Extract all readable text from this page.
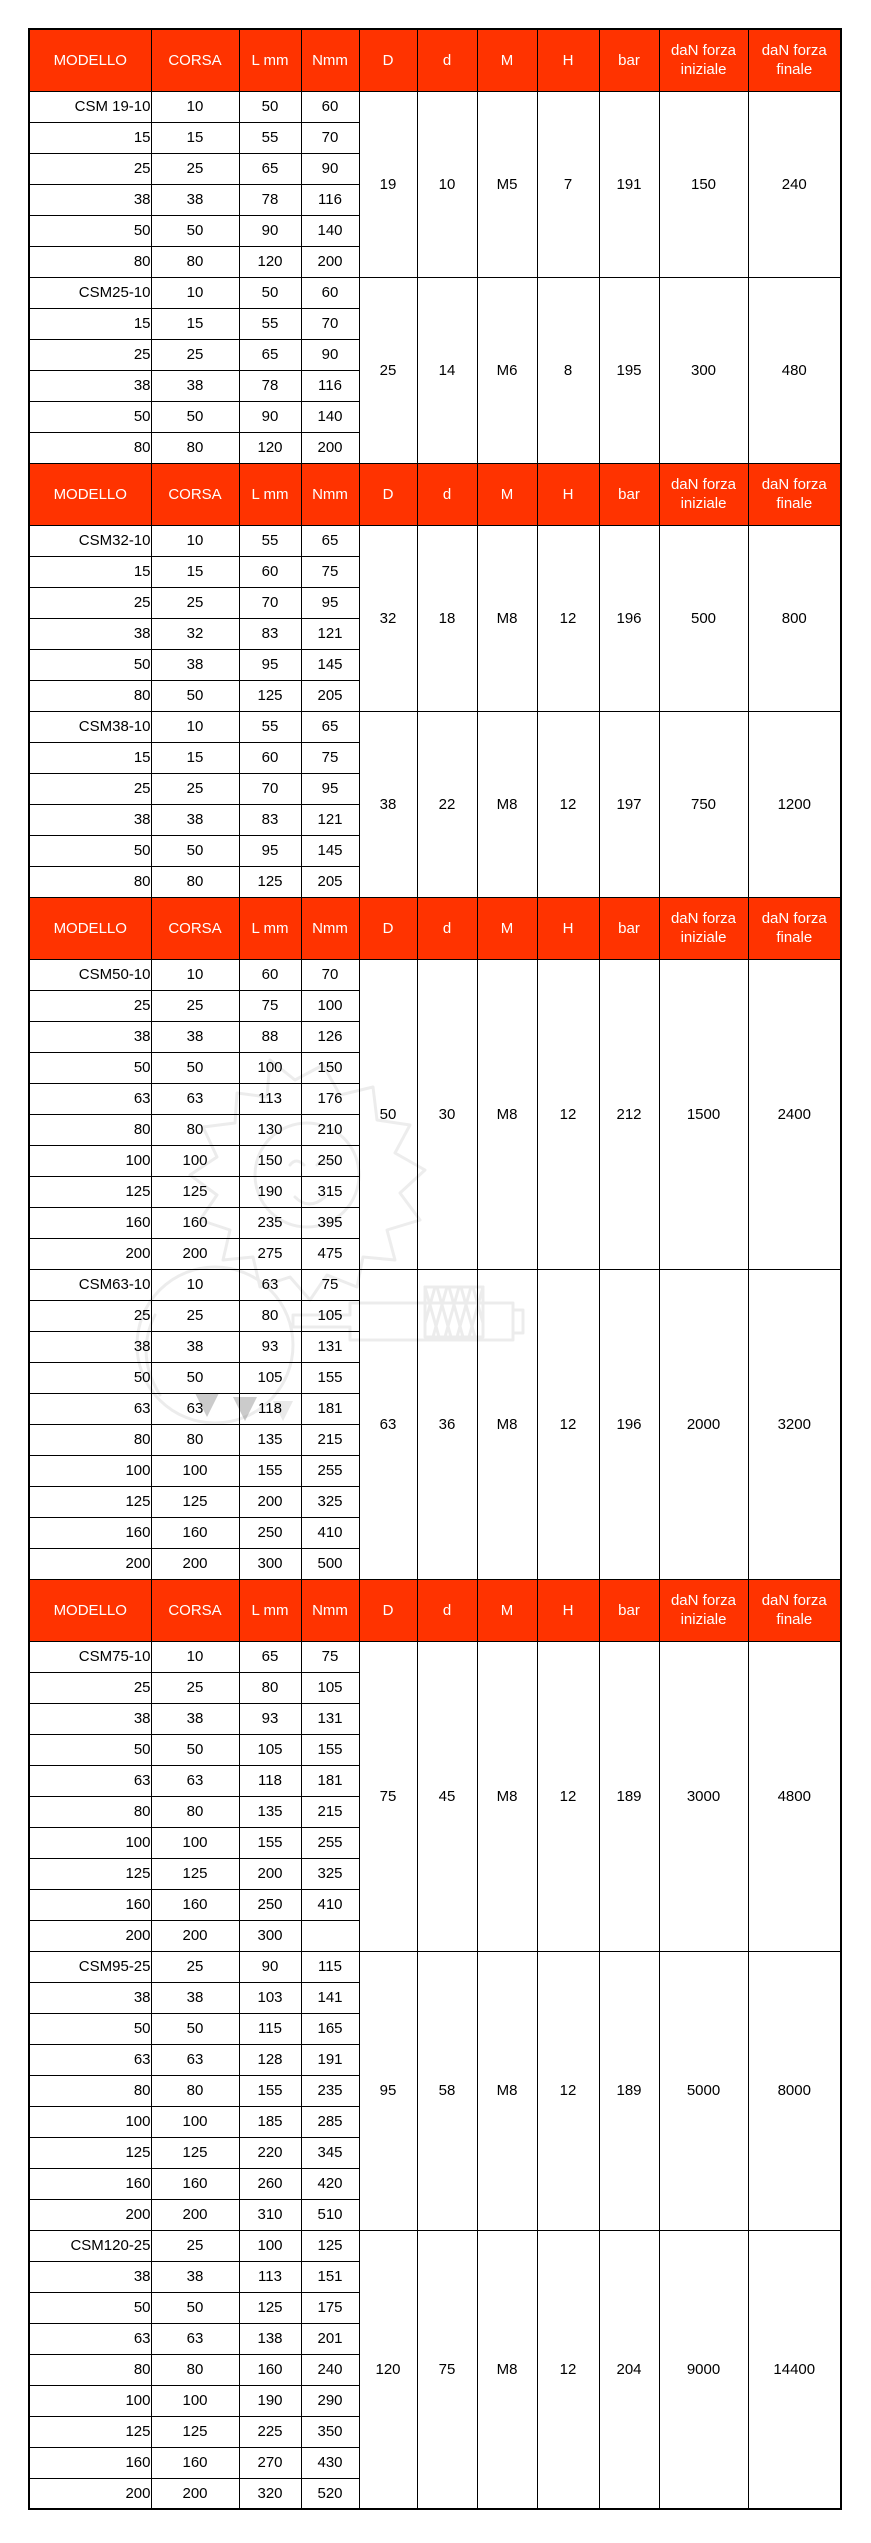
MODELLO	CORSA	L mm	Nmm	D	d	M	H	bar	daN forza iniziale	daN forza finale
CSM 19-10	10	50	60	19	10	M5	7	191	150	240
15	15	55	70							
25	25	65	90							
38	38	78	116							
50	50	90	140							
80	80	120	200							
CSM25-10	10	50	60	25	14	M6	8	195	300	480
15	15	55	70							
25	25	65	90							
38	38	78	116							
50	50	90	140							
80	80	120	200							
MODELLO	CORSA	L mm	Nmm	D	d	M	H	bar	daN forza iniziale	daN forza finale
CSM32-10	10	55	65	32	18	M8	12	196	500	800
15	15	60	75							
25	25	70	95							
38	32	83	121							
50	38	95	145							
80	50	125	205							
CSM38-10	10	55	65	38	22	M8	12	197	750	1200
15	15	60	75							
25	25	70	95							
38	38	83	121							
50	50	95	145							
80	80	125	205							
MODELLO	CORSA	L mm	Nmm	D	d	M	H	bar	daN forza iniziale	daN forza finale
CSM50-10	10	60	70	50	30	M8	12	212	1500	2400
25	25	75	100							
38	38	88	126							
50	50	100	150							
63	63	113	176							
80	80	130	210							
100	100	150	250							
125	125	190	315							
160	160	235	395							
200	200	275	475							
CSM63-10	10	63	75	63	36	M8	12	196	2000	3200
25	25	80	105							
38	38	93	131							
50	50	105	155							
63	63	118	181							
80	80	135	215							
100	100	155	255							
125	125	200	325							
160	160	250	410							
200	200	300	500							
MODELLO	CORSA	L mm	Nmm	D	d	M	H	bar	daN forza iniziale	daN forza finale
CSM75-10	10	65	75	75	45	M8	12	189	3000	4800
25	25	80	105							
38	38	93	131							
50	50	105	155							
63	63	118	181							
80	80	135	215							
100	100	155	255							
125	125	200	325							
160	160	250	410							
200	200	300								
CSM95-25	25	90	115	95	58	M8	12	189	5000	8000
38	38	103	141							
50	50	115	165							
63	63	128	191							
80	80	155	235							
100	100	185	285							
125	125	220	345							
160	160	260	420							
200	200	310	510							
CSM120-25	25	100	125	120	75	M8	12	204	9000	14400
38	38	113	151							
50	50	125	175							
63	63	138	201							
80	80	160	240							
100	100	190	290							
125	125	225	350							
160	160	270	430							
200	200	320	520							
